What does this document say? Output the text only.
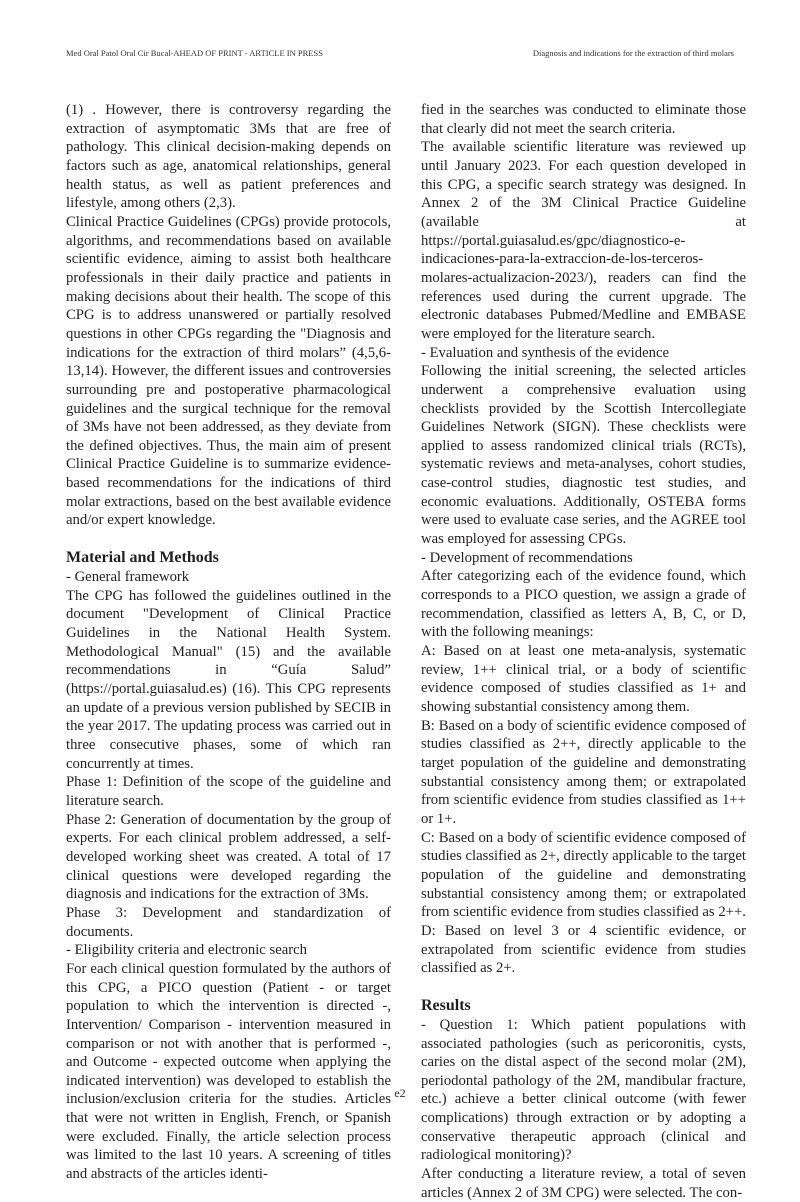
Med Oral Patol Oral Cir Bucal-AHEAD OF PRINT - ARTICLE IN PRESS	Diagnosis and indications for the extraction of third molars

(1) . However, there is controversy regarding the extraction of asymptomatic 3Ms that are free of pathology. This clinical decision-making depends on factors such as age, anatomical relationships, general health status, as well as patient preferences and lifestyle, among others (2,3).

Clinical Practice Guidelines (CPGs) provide protocols, algorithms, and recommendations based on available scientific evidence, aiming to assist both healthcare professionals in their daily practice and patients in making decisions about their health. The scope of this CPG is to address unanswered or partially resolved questions in other CPGs regarding the "Diagnosis and indications for the extraction of third molars” (4,5,6-13,14). However, the different issues and controversies surrounding pre and postoperative pharmacological guidelines and the surgical technique for the removal of 3Ms have not been addressed, as they deviate from the defined objectives. Thus, the main aim of present Clinical Practice Guideline is to summarize evidence-based recommendations for the indications of third molar extractions, based on the best available evidence and/or expert knowledge.

Material and Methods

- General framework

The CPG has followed the guidelines outlined in the document "Development of Clinical Practice Guidelines in the National Health System. Methodological Manual" (15) and the available recommendations in “Guía Salud” (https://portal.guiasalud.es) (16). This CPG represents an update of a previous version published by SECIB in the year 2017. The updating process was carried out in three consecutive phases, some of which ran concurrently at times.

Phase 1: Definition of the scope of the guideline and literature search.

Phase 2: Generation of documentation by the group of experts. For each clinical problem addressed, a self-developed working sheet was created. A total of 17 clinical questions were developed regarding the diagnosis and indications for the extraction of 3Ms.

Phase 3: Development and standardization of documents.

- Eligibility criteria and electronic search

For each clinical question formulated by the authors of this CPG, a PICO question (Patient - or target population to which the intervention is directed -, Intervention/ Comparison - intervention measured in comparison or not with another that is performed -, and Outcome - expected outcome when applying the indicated intervention) was developed to establish the inclusion/exclusion criteria for the studies. Articles that were not written in English, French, or Spanish were excluded. Finally, the article selection process was limited to the last 10 years. A screening of titles and abstracts of the articles identi-

fied in the searches was conducted to eliminate those that clearly did not meet the search criteria.

The available scientific literature was reviewed up until January 2023. For each question developed in this CPG, a specific search strategy was designed. In Annex 2 of the 3M Clinical Practice Guideline (available at https://portal.guiasalud.es/gpc/diagnostico-e-indicaciones-para-la-extraccion-de-los-terceros-molares-actualizacion-2023/), readers can find the references used during the current upgrade. The electronic databases Pubmed/Medline and EMBASE were employed for the literature search.

- Evaluation and synthesis of the evidence

Following the initial screening, the selected articles underwent a comprehensive evaluation using checklists provided by the Scottish Intercollegiate Guidelines Network (SIGN). These checklists were applied to assess randomized clinical trials (RCTs), systematic reviews and meta-analyses, cohort studies, case-control studies, diagnostic test studies, and economic evaluations. Additionally, OSTEBA forms were used to evaluate case series, and the AGREE tool was employed for assessing CPGs.

- Development of recommendations

After categorizing each of the evidence found, which corresponds to a PICO question, we assign a grade of recommendation, classified as letters A, B, C, or D, with the following meanings:

A: Based on at least one meta-analysis, systematic review, 1++ clinical trial, or a body of scientific evidence composed of studies classified as 1+ and showing substantial consistency among them.

B: Based on a body of scientific evidence composed of studies classified as 2++, directly applicable to the target population of the guideline and demonstrating substantial consistency among them; or extrapolated from scientific evidence from studies classified as 1++ or 1+.

C: Based on a body of scientific evidence composed of studies classified as 2+, directly applicable to the target population of the guideline and demonstrating substantial consistency among them; or extrapolated from scientific evidence from studies classified as 2++.

D: Based on level 3 or 4 scientific evidence, or extrapolated from scientific evidence from studies classified as 2+.

Results

- Question 1: Which patient populations with associated pathologies (such as pericoronitis, cysts, caries on the distal aspect of the second molar (2M), periodontal pathology of the 2M, mandibular fracture, etc.) achieve a better clinical outcome (with fewer complications) through extraction or by adopting a conservative therapeutic approach (clinical and radiological monitoring)?

After conducting a literature review, a total of seven articles (Annex 2 of 3M CPG) were selected. The con-

e2
